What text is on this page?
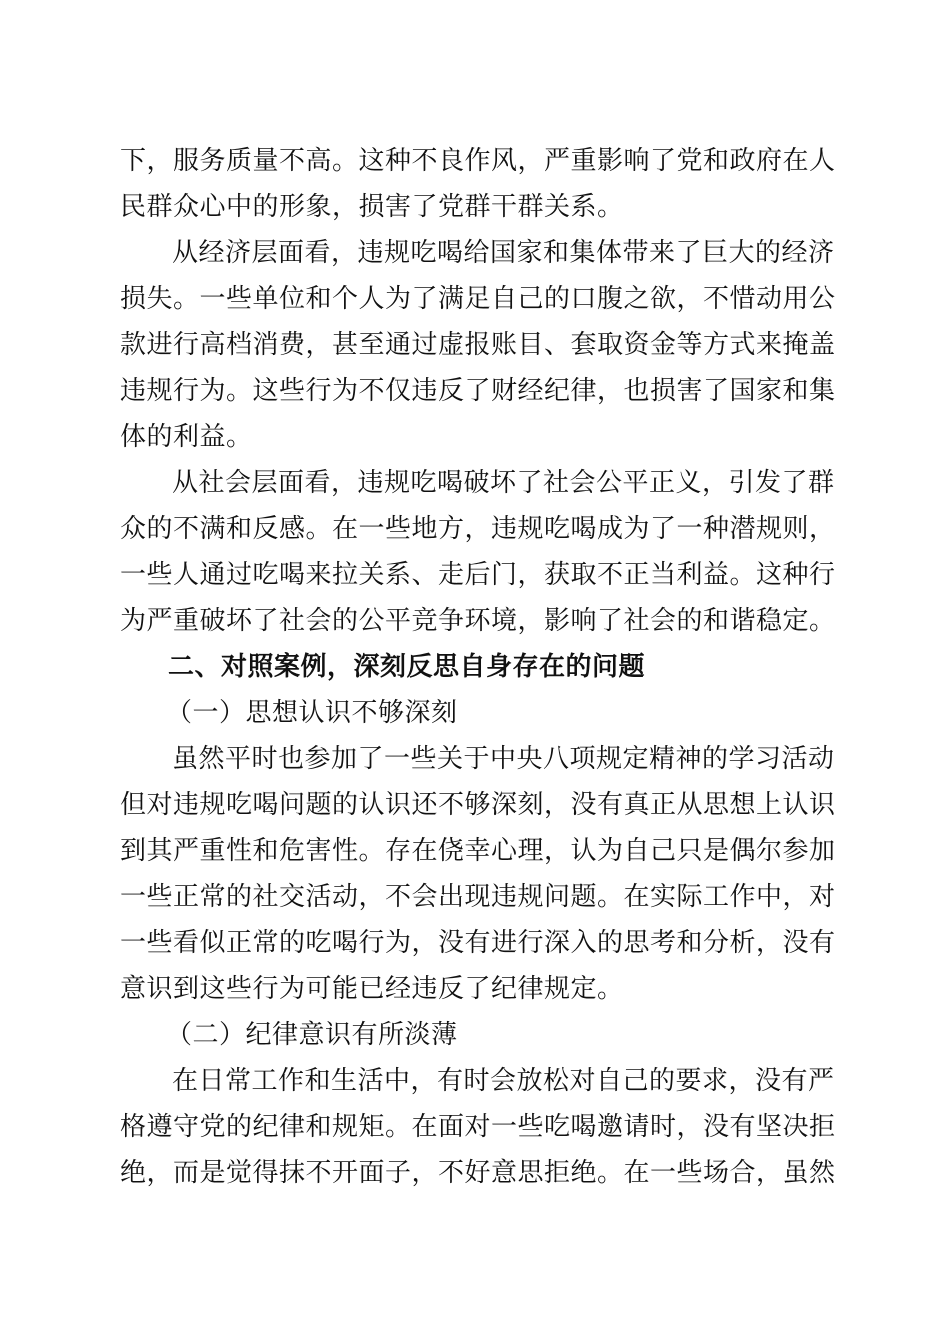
下，服务质量不高。这种不良作风，严重影响了党和政府在人
民群众心中的形象，损害了党群干群关系。
从经济层面看，违规吃喝给国家和集体带来了巨大的经济
损失。一些单位和个人为了满足自己的口腹之欲，不惜动用公
款进行高档消费，甚至通过虚报账目、套取资金等方式来掩盖
违规行为。这些行为不仅违反了财经纪律，也损害了国家和集
体的利益。
从社会层面看，违规吃喝破坏了社会公平正义，引发了群
众的不满和反感。在一些地方，违规吃喝成为了一种潜规则，
一些人通过吃喝来拉关系、走后门，获取不正当利益。这种行
为严重破坏了社会的公平竞争环境，影响了社会的和谐稳定。
二、对照案例，深刻反思自身存在的问题
（一）思想认识不够深刻
虽然平时也参加了一些关于中央八项规定精神的学习活动
但对违规吃喝问题的认识还不够深刻，没有真正从思想上认识
到其严重性和危害性。存在侥幸心理，认为自己只是偶尔参加
一些正常的社交活动，不会出现违规问题。在实际工作中，对
一些看似正常的吃喝行为，没有进行深入的思考和分析，没有
意识到这些行为可能已经违反了纪律规定。
（二）纪律意识有所淡薄
在日常工作和生活中，有时会放松对自己的要求，没有严
格遵守党的纪律和规矩。在面对一些吃喝邀请时，没有坚决拒
绝，而是觉得抹不开面子，不好意思拒绝。在一些场合，虽然
